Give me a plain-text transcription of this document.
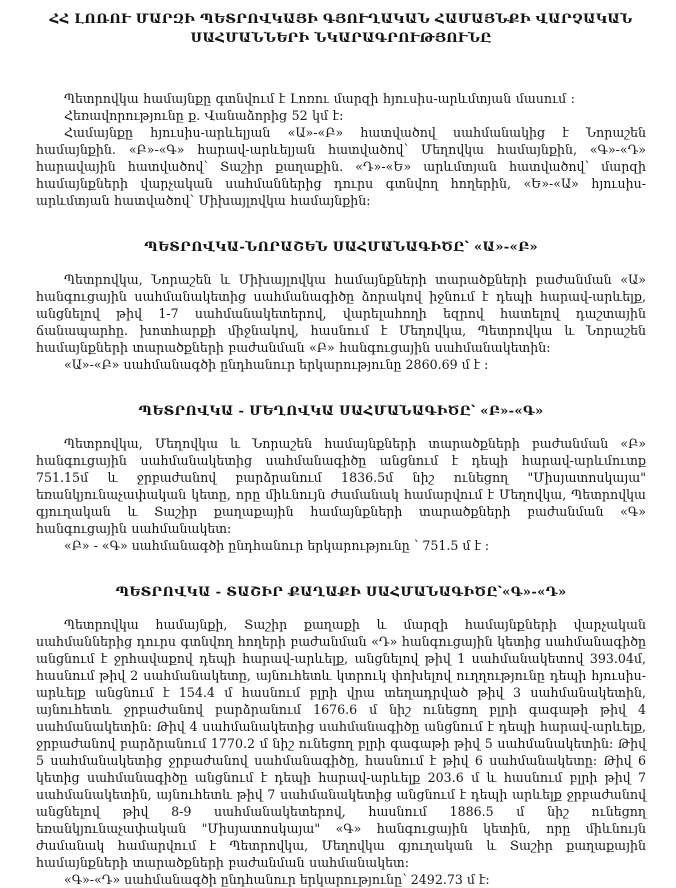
ՀՀ ԼՈՌՈՒ ՄԱՐԶԻ ՊԵՏՐՈՎԿԱՅԻ ԳՅՈՒՂԱԿԱՆ ՀԱՄԱՅՆՔԻ ՎԱՐՉԱԿԱՆ
ՍԱՀՄԱՆՆԵՐԻ ՆԿԱՐԱԳՐՈՒԹՅՈՒՆԸ

Պետրովկա համայնքը գտնվում է Լոռու մարզի հյուսիս-արևմտյան մասում :

Հեռավորությունը ք. Վանաձորից 52 կմ է:

Համայնքը հյուսիս-արևելյան «Ա»-«Բ» հատվածով սահմանակից է Նորաշեն համայնքին. «Բ»-«Գ» հարավ-արևելյան հատվածով՝ Մեղովկա համայնքին, «Գ»-«Դ» հարավային հատվածով՝ Տաշիր քաղաքին. «Դ»-«Ե» արևմտյան հատվածով՝ մարզի համայնքների վարչական սահմաններից դուրս գտնվող հողերին, «Ե»-«Ա» հյուսիս-արևմտյան հատվածով՝ Միխայլովկա համայնքին:

ՊԵՏՐՈՎԿԱ-ՆՈՐԱՇԵՆ ՍԱՀՄԱՆԱԳԻԾԸ՝ «Ա»-«Բ»

Պետրովկա, Նորաշեն և Միխայլովկա համայնքների տարածքների բաժանման «Ա» հանգուցային սահմանակետից սահմանագիծը ձորակով իջնում է դեպի հարավ-արևելք, անցնելով թիվ 1-7 սահմանակետերով, վարելահողի եզրով հատելով դաշտային ճանապարհը. խոտհարքի միջնակով, հասնում է Մեղովկա, Պետրովկա և Նորաշեն համայնքների տարածքների բաժանման «Բ» հանգուցային սահմանակետին:

«Ա»-«Բ» սահմանագծի ընդհանուր երկարությունը 2860.69 մ է :

ՊԵՏՐՈՎԿԱ - ՄԵՂՈՎԿԱ ՍԱՀՄԱՆԱԳԻԾԸ՝ «Բ»-«Գ»

Պետրովկա, Մեղովկա և Նորաշեն համայնքների տարածքների բաժանման «Բ» հանգուցային սահմանակետից սահմանագիծը անցնում է դեպի հարավ-արևմուտք 751.15մ և ջրբաժանով բարձրանում 1836.5մ նիշ ունեցող "Միսյատոսկայա" եռանկյունաչափական կետը, որը միևնույն ժամանակ համարվում է Մեղովկա, Պետրովկա գյուղական և Տաշիր քաղաքային համայնքների տարածքների բաժանման «Գ» հանգուցային սահմանակետ:

«Բ» - «Գ» սահմանագծի ընդհանուր երկարությունը ՝ 751.5 մ է :

ՊԵՏՐՈՎԿԱ - ՏԱՇԻՐ ՔԱՂԱՔԻ ՍԱՀՄԱՆԱԳԻԾԸ՝«Գ»-«Դ»

Պետրովկա համայնքի, Տաշիր քաղաքի և մարզի համայնքների վարչական սահմաններից դուրս գտնվող հողերի բաժանման «Դ» հանգուցային կետից սահմանագիծը անցնում է ջրհավաքով դեպի հարավ-արևելք, անցնելով թիվ 1 սահմանակետով 393.04մ, հասնում թիվ 2 սահմանակետը, այնուհետև կտրուկ փոխելով ուղղությունը դեպի հյուսիս-արևելք անցնում է 154.4 մ հասնում բլրի վրա տեղադրված թիվ 3 սահմանակետին, այնուհետև ջրբաժանով բարձրանում 1676.6 մ նիշ ունեցող բլրի գագաթի թիվ 4 սահմանակետին: Թիվ 4 սահմանակետից սահմանագիծը անցնում է դեպի հարավ-արևելք, ջրբաժանով բարձրանում 1770.2 մ նիշ ունեցող բլրի գագաթի թիվ 5 սահմանակետին: Թիվ 5 սահմանակետից ջրբաժանով սահմանագիծը, հասնում է թիվ 6 սահմանակետը: Թիվ 6 կետից սահմանագիծը անցնում է դեպի հարավ-արևելք 203.6 մ և հասնում բլրի թիվ 7 սահմանակետին, այնուհետև թիվ 7 սահմանակետից անցնում է դեպի արևելք ջրբաժանով անցնելով թիվ 8-9 սահմանակետերով, հասնում 1886.5 մ նիշ ունեցող եռանկյունաչափական "Միսյատոսկայա" «Գ» հանգուցային կետին, որը միևնույն ժամանակ համարվում է Պետրովկա, Մեղովկա գյուղական և Տաշիր քաղաքային համայնքների տարածքների բաժանման սահմանակետ:

«Գ»-«Դ» սահմանագծի ընդհանուր երկարությունը՝ 2492.73 մ է:
